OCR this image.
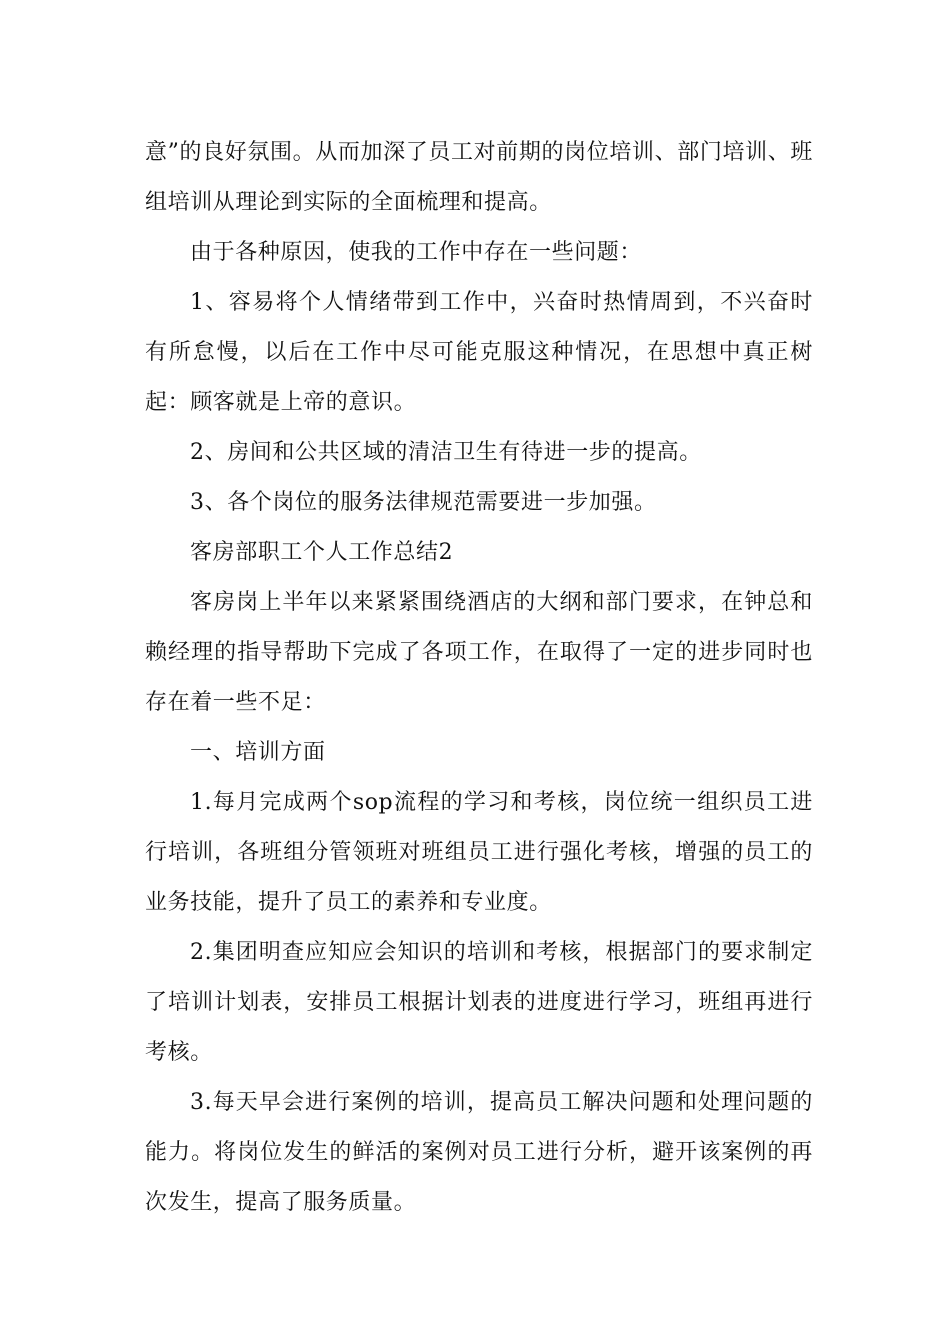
意”的良好氛围。从而加深了员工对前期的岗位培训、部门培训、班组培训从理论到实际的全面梳理和提高。

由于各种原因，使我的工作中存在一些问题：

1、容易将个人情绪带到工作中，兴奋时热情周到，不兴奋时有所怠慢，以后在工作中尽可能克服这种情况，在思想中真正树起：顾客就是上帝的意识。

2、房间和公共区域的清洁卫生有待进一步的提高。

3、各个岗位的服务法律规范需要进一步加强。

客房部职工个人工作总结2

客房岗上半年以来紧紧围绕酒店的大纲和部门要求，在钟总和赖经理的指导帮助下完成了各项工作，在取得了一定的进步同时也存在着一些不足：

一、培训方面

1.每月完成两个sop流程的学习和考核，岗位统一组织员工进行培训，各班组分管领班对班组员工进行强化考核，增强的员工的业务技能，提升了员工的素养和专业度。

2.集团明查应知应会知识的培训和考核，根据部门的要求制定了培训计划表，安排员工根据计划表的进度进行学习，班组再进行考核。

3.每天早会进行案例的培训，提高员工解决问题和处理问题的能力。将岗位发生的鲜活的案例对员工进行分析，避开该案例的再次发生，提高了服务质量。
